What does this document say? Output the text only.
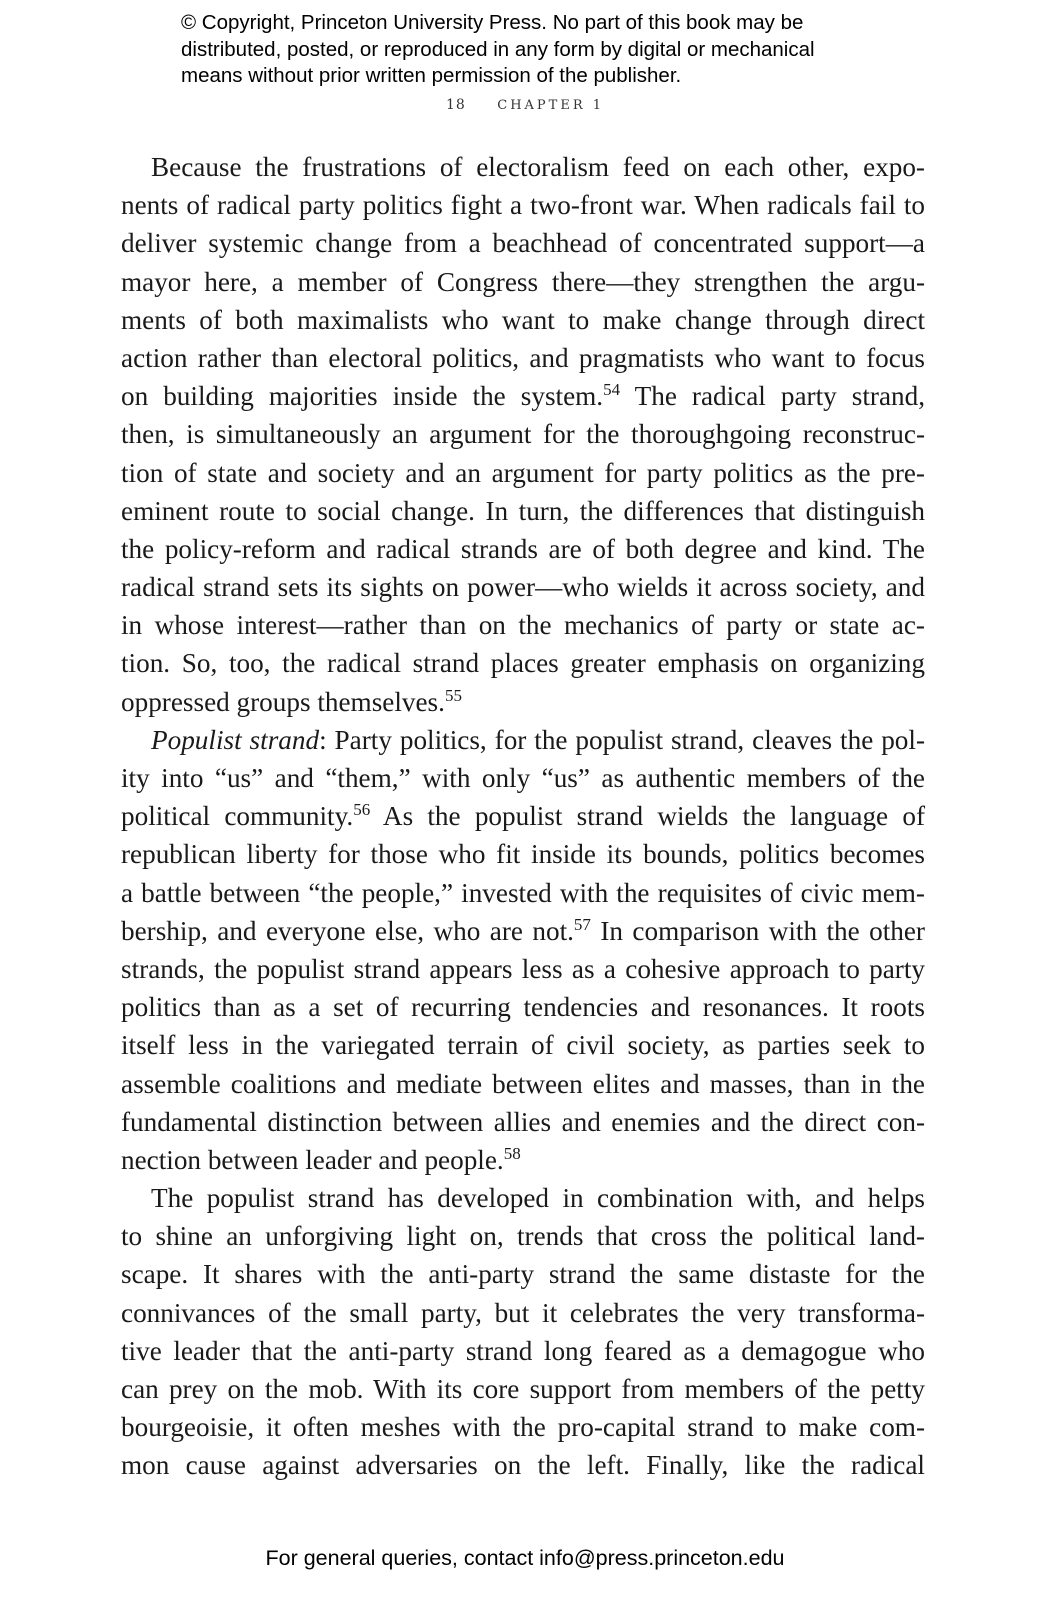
© Copyright, Princeton University Press. No part of this book may be
distributed, posted, or reproduced in any form by digital or mechanical
means without prior written permission of the publisher.
18 CHAPTER 1
Because the frustrations of electoralism feed on each other, expo-
nents of radical party politics fight a two-front war. When radicals fail to
deliver systemic change from a beachhead of concentrated support—a
mayor here, a member of Congress there—they strengthen the argu-
ments of both maximalists who want to make change through direct
action rather than electoral politics, and pragmatists who want to focus
on building majorities inside the system.$^{54}$ The radical party strand,
then, is simultaneously an argument for the thoroughgoing reconstruc-
tion of state and society and an argument for party politics as the pre-
eminent route to social change. In turn, the differences that distinguish
the policy-reform and radical strands are of both degree and kind. The
radical strand sets its sights on power—who wields it across society, and
in whose interest—rather than on the mechanics of party or state ac-
tion. So, too, the radical strand places greater emphasis on organizing
oppressed groups themselves.$^{55}$
Populist strand: Party politics, for the populist strand, cleaves the pol-
ity into “us” and “them,” with only “us” as authentic members of the
political community.$^{56}$ As the populist strand wields the language of
republican liberty for those who fit inside its bounds, politics becomes
a battle between “the people,” invested with the requisites of civic mem-
bership, and everyone else, who are not.$^{57}$ In comparison with the other
strands, the populist strand appears less as a cohesive approach to party
politics than as a set of recurring tendencies and resonances. It roots
itself less in the variegated terrain of civil society, as parties seek to
assemble coalitions and mediate between elites and masses, than in the
fundamental distinction between allies and enemies and the direct con-
nection between leader and people.$^{58}$
The populist strand has developed in combination with, and helps
to shine an unforgiving light on, trends that cross the political land-
scape. It shares with the anti-party strand the same distaste for the
connivances of the small party, but it celebrates the very transforma-
tive leader that the anti-party strand long feared as a demagogue who
can prey on the mob. With its core support from members of the petty
bourgeoisie, it often meshes with the pro-capital strand to make com-
mon cause against adversaries on the left. Finally, like the radical
For general queries, contact info@press.princeton.edu
